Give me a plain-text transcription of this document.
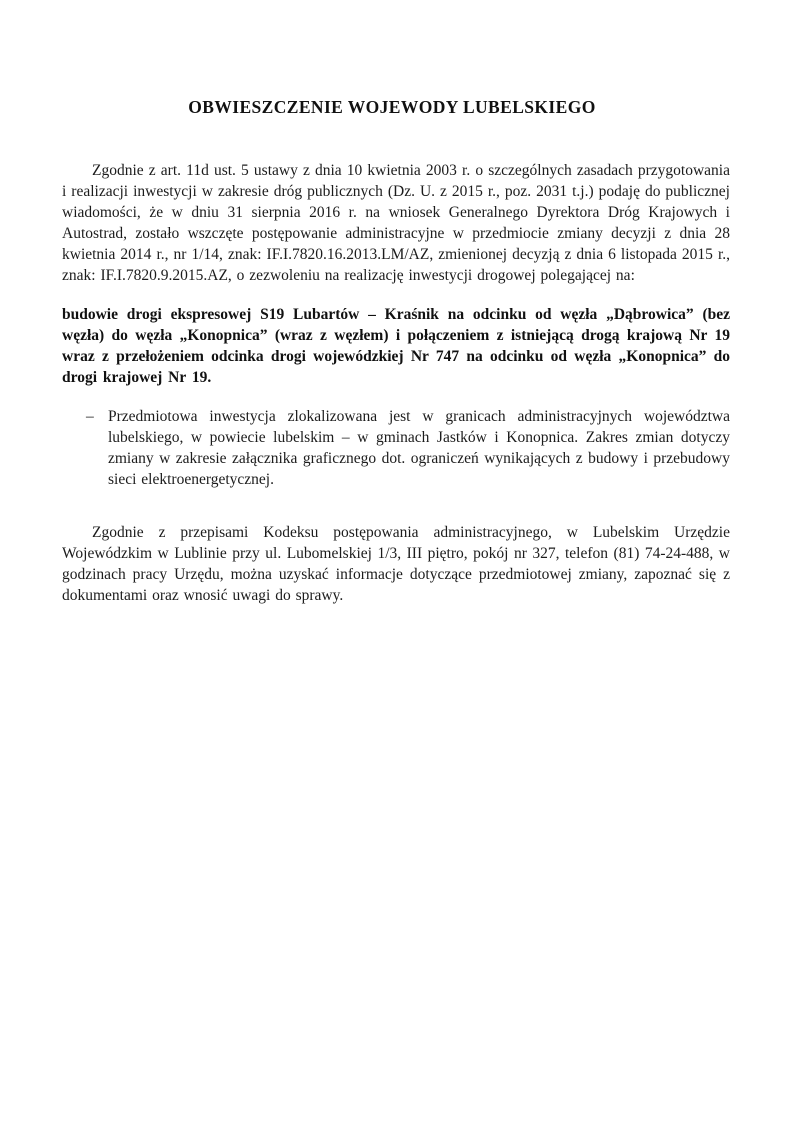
OBWIESZCZENIE WOJEWODY LUBELSKIEGO

Zgodnie z art. 11d ust. 5 ustawy z dnia 10 kwietnia 2003 r. o szczególnych zasadach przygotowania i realizacji inwestycji w zakresie dróg publicznych (Dz. U. z 2015 r., poz. 2031 t.j.) podaję do publicznej wiadomości, że w dniu 31 sierpnia 2016 r. na wniosek Generalnego Dyrektora Dróg Krajowych i Autostrad, zostało wszczęte postępowanie administracyjne w przedmiocie zmiany decyzji z dnia 28 kwietnia 2014 r., nr 1/14, znak: IF.I.7820.16.2013.LM/AZ, zmienionej decyzją z dnia 6 listopada 2015 r., znak: IF.I.7820.9.2015.AZ, o zezwoleniu na realizację inwestycji drogowej polegającej na:

budowie drogi ekspresowej S19 Lubartów – Kraśnik na odcinku od węzła „Dąbrowica” (bez węzła) do węzła „Konopnica” (wraz z węzłem) i połączeniem z istniejącą drogą krajową Nr 19 wraz z przełożeniem odcinka drogi wojewódzkiej Nr 747 na odcinku od węzła „Konopnica” do drogi krajowej Nr 19.

– Przedmiotowa inwestycja zlokalizowana jest w granicach administracyjnych województwa lubelskiego, w powiecie lubelskim – w gminach Jastków i Konopnica. Zakres zmian dotyczy zmiany w zakresie załącznika graficznego dot. ograniczeń wynikających z budowy i przebudowy sieci elektroenergetycznej.

Zgodnie z przepisami Kodeksu postępowania administracyjnego, w Lubelskim Urzędzie Wojewódzkim w Lublinie przy ul. Lubomelskiej 1/3, III piętro, pokój nr 327, telefon (81) 74-24-488, w godzinach pracy Urzędu, można uzyskać informacje dotyczące przedmiotowej zmiany, zapoznać się z dokumentami oraz wnosić uwagi do sprawy.
